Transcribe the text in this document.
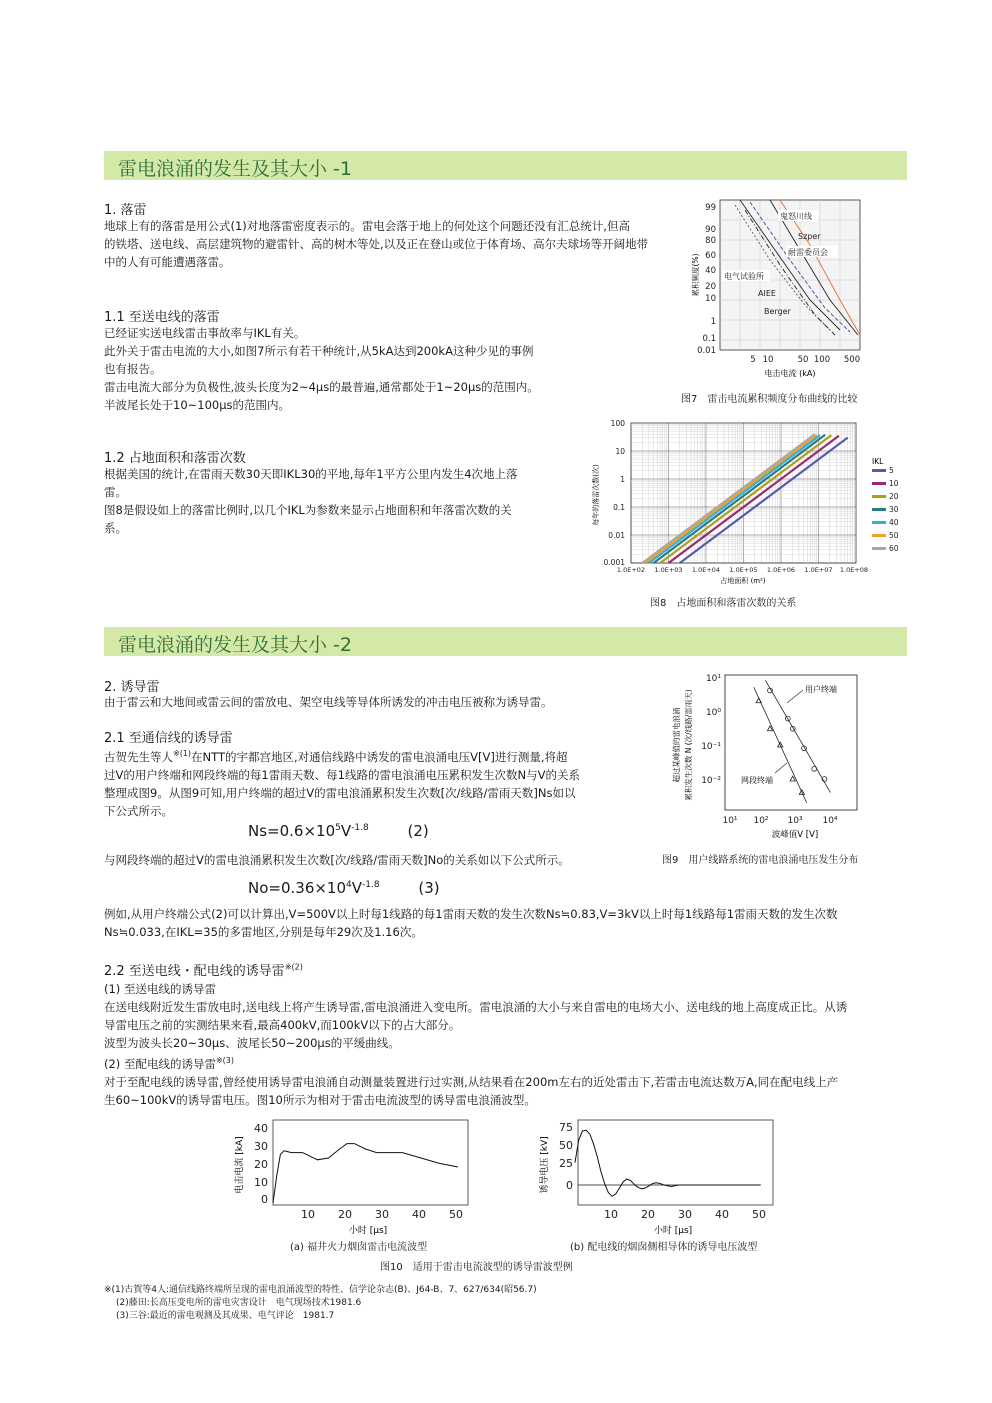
雷电浪涌的发生及其大小 -1
1. 落雷
地球上有的落雷是用公式(1)对地落雷密度表示的。雷电会落于地上的何处这个问题还没有汇总统计,但高
的铁塔、送电线、高层建筑物的避雷针、高的树木等处,以及正在登山或位于体育场、高尔夫球场等开阔地带
中的人有可能遭遇落雷。
1.1 至送电线的落雷
已经证实送电线雷击事故率与IKL有关。
此外关于雷击电流的大小,如图7所示有若干种统计,从5kA达到200kA这种少见的事例
也有报告。
雷击电流大部分为负极性,波头长度为2~4μs的最普遍,通常都处于1~20μs的范围内。
半波尾长处于10~100μs的范围内。
1.2 占地面积和落雷次数
根据美国的统计,在雷雨天数30天即IKL30的平地,每年1平方公里内发生4次地上落
雷。
图8是假设如上的落雷比例时,以几个IKL为参数来显示占地面积和年落雷次数的关
系。
99
90
80
60
40
20
10
1
0.1
0.01
5 10	50 100 500
电击电流 (kA)
累积频度(%)
鬼怒川线
Szper
耐雷委员会
电气试验所
AIEE
Berger
图7　雷击电流累积频度分布曲线的比较
100
10
1
0.1
0.01
0.001
1.0E+02 1.0E+03 1.0E+04 1.0E+05 1.0E+06 1.0E+07 1.0E+08
占地面积 (m²)
每年的落雷次数(次)
IKL
5
10
20
30
40
50
60
图8　占地面积和落雷次数的关系
雷电浪涌的发生及其大小 -2
2. 诱导雷
由于雷云和大地间或雷云间的雷放电、架空电线等导体所诱发的冲击电压被称为诱导雷。
2.1 至通信线的诱导雷
古贺先生等人$^{※(1)}$在NTT的宇都宫地区,对通信线路中诱发的雷电浪涌电压V[V]进行测量,将超
过V的用户终端和网段终端的每1雷雨天数、每1线路的雷电浪涌电压累积发生次数N与V的关系
整理成图9。从图9可知,用户终端的超过V的雷电浪涌累积发生次数[次/线路/雷雨天数]Ns如以
下公式所示。
$Ns=0.6\times 10^5V^{-1.8}$	(2)
与网段终端的超过V的雷电浪涌累积发生次数[次/线路/雷雨天数]No的关系如以下公式所示。
$No=0.36\times 10^4V^{-1.8}$	(3)
例如,从用户终端公式(2)可以计算出,V=500V以上时每1线路的每1雷雨天数的发生次数Ns≒0.83,V=3kV以上时每1线路每1雷雨天数的发生次数
Ns≒0.033,在IKL=35的多雷地区,分别是每年29次及1.16次。
2.2 至送电线・配电线的诱导雷$^{※(2)}$
(1) 至送电线的诱导雷
在送电线附近发生雷放电时,送电线上将产生诱导雷,雷电浪涌进入变电所。雷电浪涌的大小与来自雷电的电场大小、送电线的地上高度成正比。从诱
导雷电压之前的实测结果来看,最高400kV,而100kV以下的占大部分。
波型为波头长20~30μs、波尾长50~200μs的平缓曲线。
(2) 至配电线的诱导雷$^{※(3)}$
对于至配电线的诱导雷,曾经使用诱导雷电浪涌自动测量装置进行过实测,从结果看在200m左右的近处雷击下,若雷击电流达数万A,同在配电线上产
生60~100kV的诱导雷电压。图10所示为相对于雷击电流波型的诱导雷电浪涌波型。
10¹
10⁰
10⁻¹
10⁻²
10¹ 10² 10³ 10⁴
波峰值V [V]
超过某峰值的雷电浪涌 累积发生次数 N (次/线路/雷雨天)	用户终端
网段终端
图9　用户线路系统的雷电浪涌电压发生分布
40
30
20
10
0
10 20 30 40 50
小时 [μs]
电击电流 [kA]
(a) 福井火力烟囱雷击电流波型
75
50
25
0
10 20 30 40 50
小时 [μs]
诱导电压 [kV]
(b) 配电线的烟囱侧相导体的诱导电压波型
图10　适用于雷击电流波型的诱导雷波型例
※(1)古賀等4人:通信线路终端所呈现的雷电浪涌波型的特性、信学论杂志(B)、J64-B、7、627/634(昭56.7)
(2)藤田:长高压变电所的雷电灾害设计　电气现场技术1981.6
(3)三谷:最近的雷电观测及其成果、电气评论　1981.7
